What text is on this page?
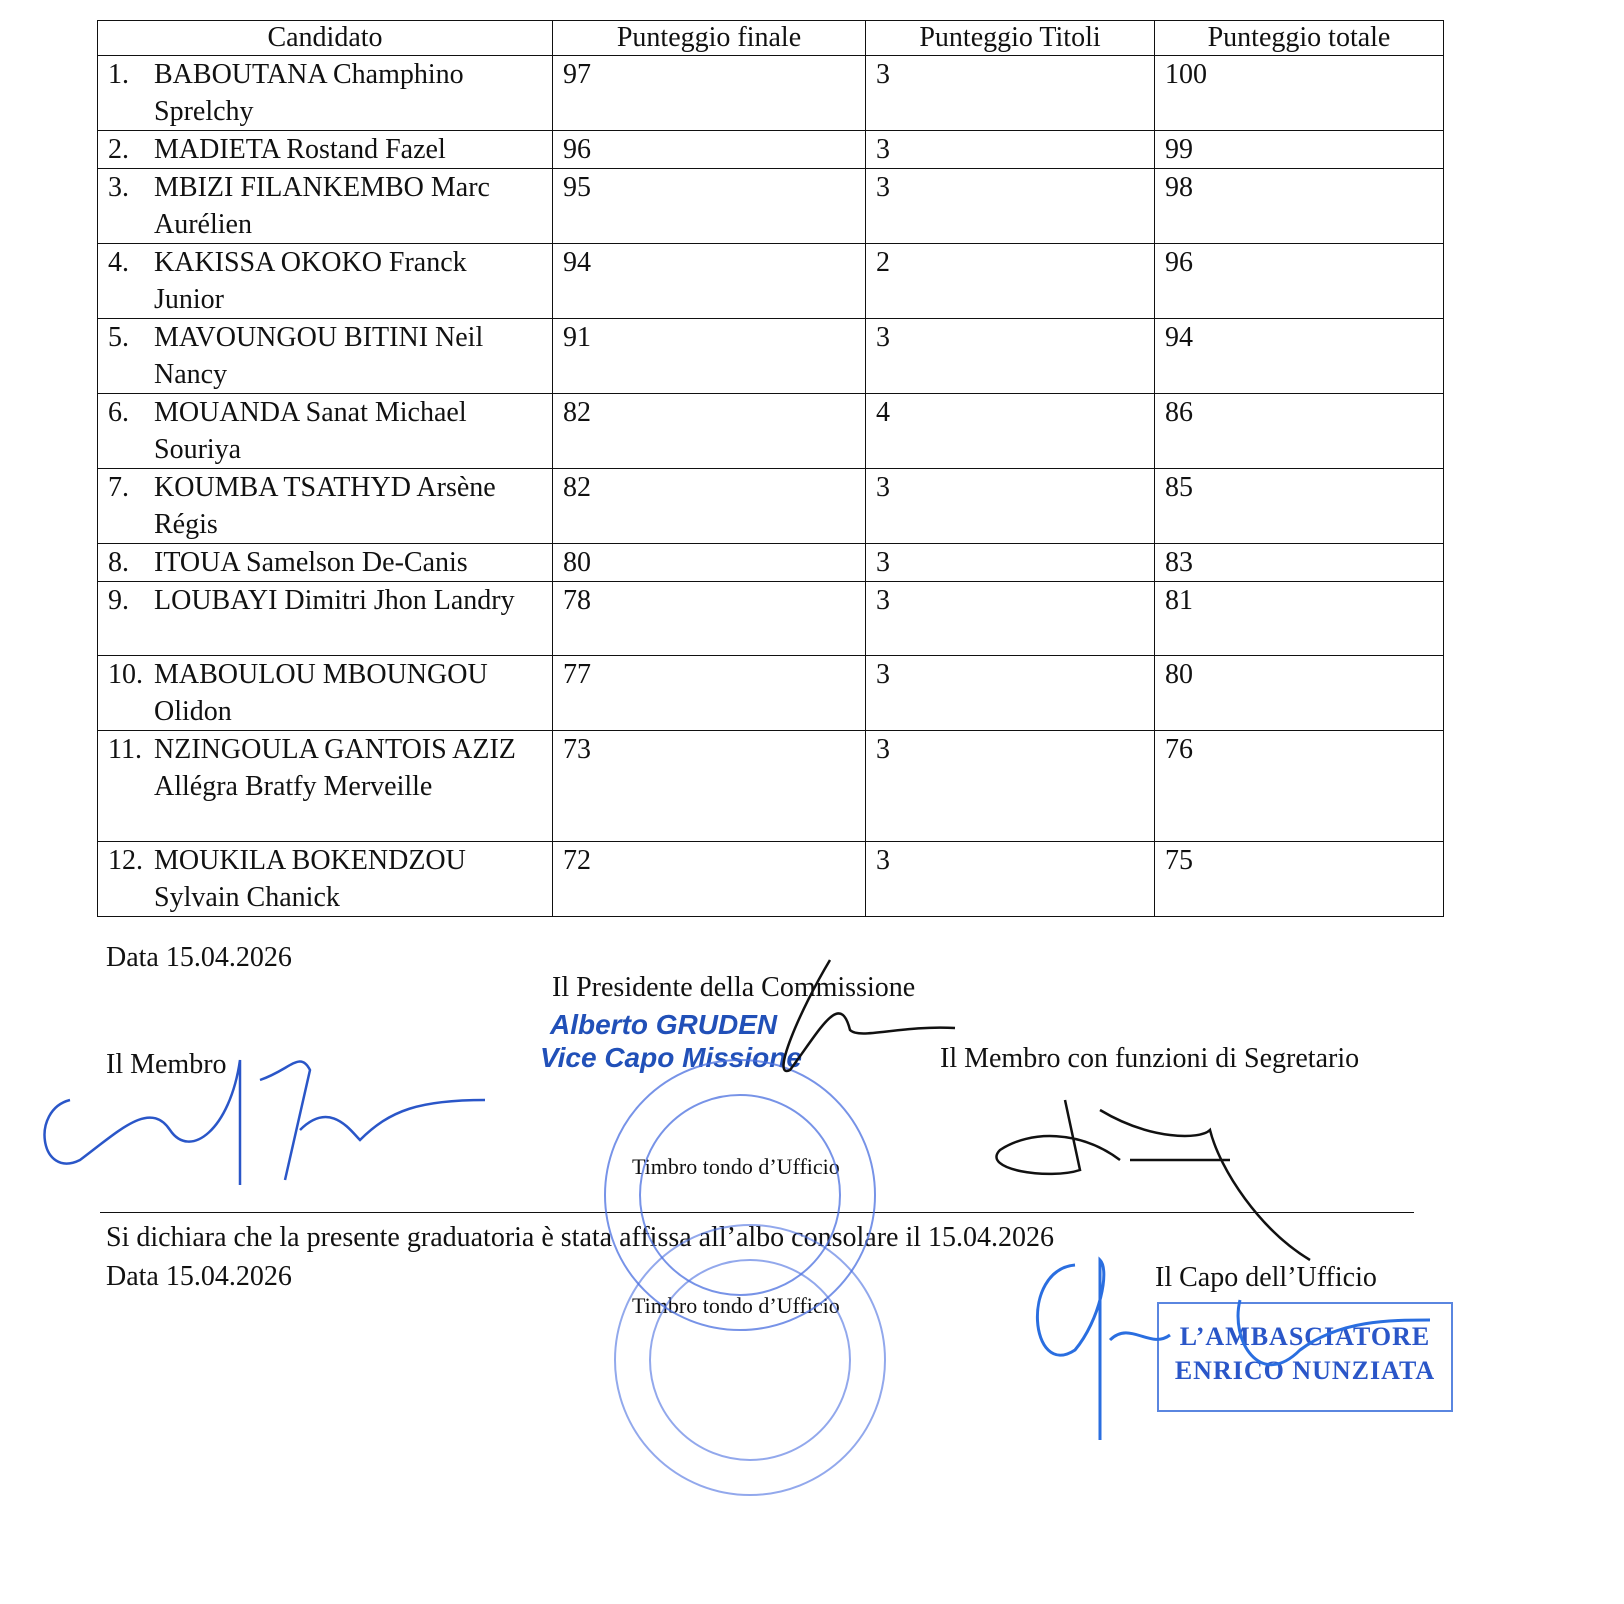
Candidato	Punteggio finale	Punteggio Titoli	Punteggio totale

1. BABOUTANA Champhino Sprelchy	97	3	100

2. MADIETA Rostand Fazel	96	3	99

3. MBIZI FILANKEMBO Marc Aurélien	95	3	98

4. KAKISSA OKOKO Franck Junior	94	2	96

5. MAVOUNGOU BITINI Neil Nancy	91	3	94

6. MOUANDA Sanat Michael Souriya	82	4	86

7. KOUMBA TSATHYD Arsène Régis	82	3	85

8. ITOUA Samelson De-Canis	80	3	83

9. LOUBAYI Dimitri Jhon Landry	78	3	81

10. MABOULOU MBOUNGOU Olidon	77	3	80

11. NZINGOULA GANTOIS AZIZ Allégra Bratfy Merveille	73	3	76

12. MOUKILA BOKENDZOU Sylvain Chanick	72	3	75
Data 15.04.2026
Il Presidente della Commissione
Alberto GRUDEN
Vice Capo Missione
Il Membro	Il Membro con funzioni di Segretario
Timbro tondo d’Ufficio
Si dichiara che la presente graduatoria è stata affissa all’albo consolare il 15.04.2026
Data 15.04.2026	Il Capo dell’Ufficio
Timbro tondo d’Ufficio
L’AMBASCIATORE
ENRICO NUNZIATA
